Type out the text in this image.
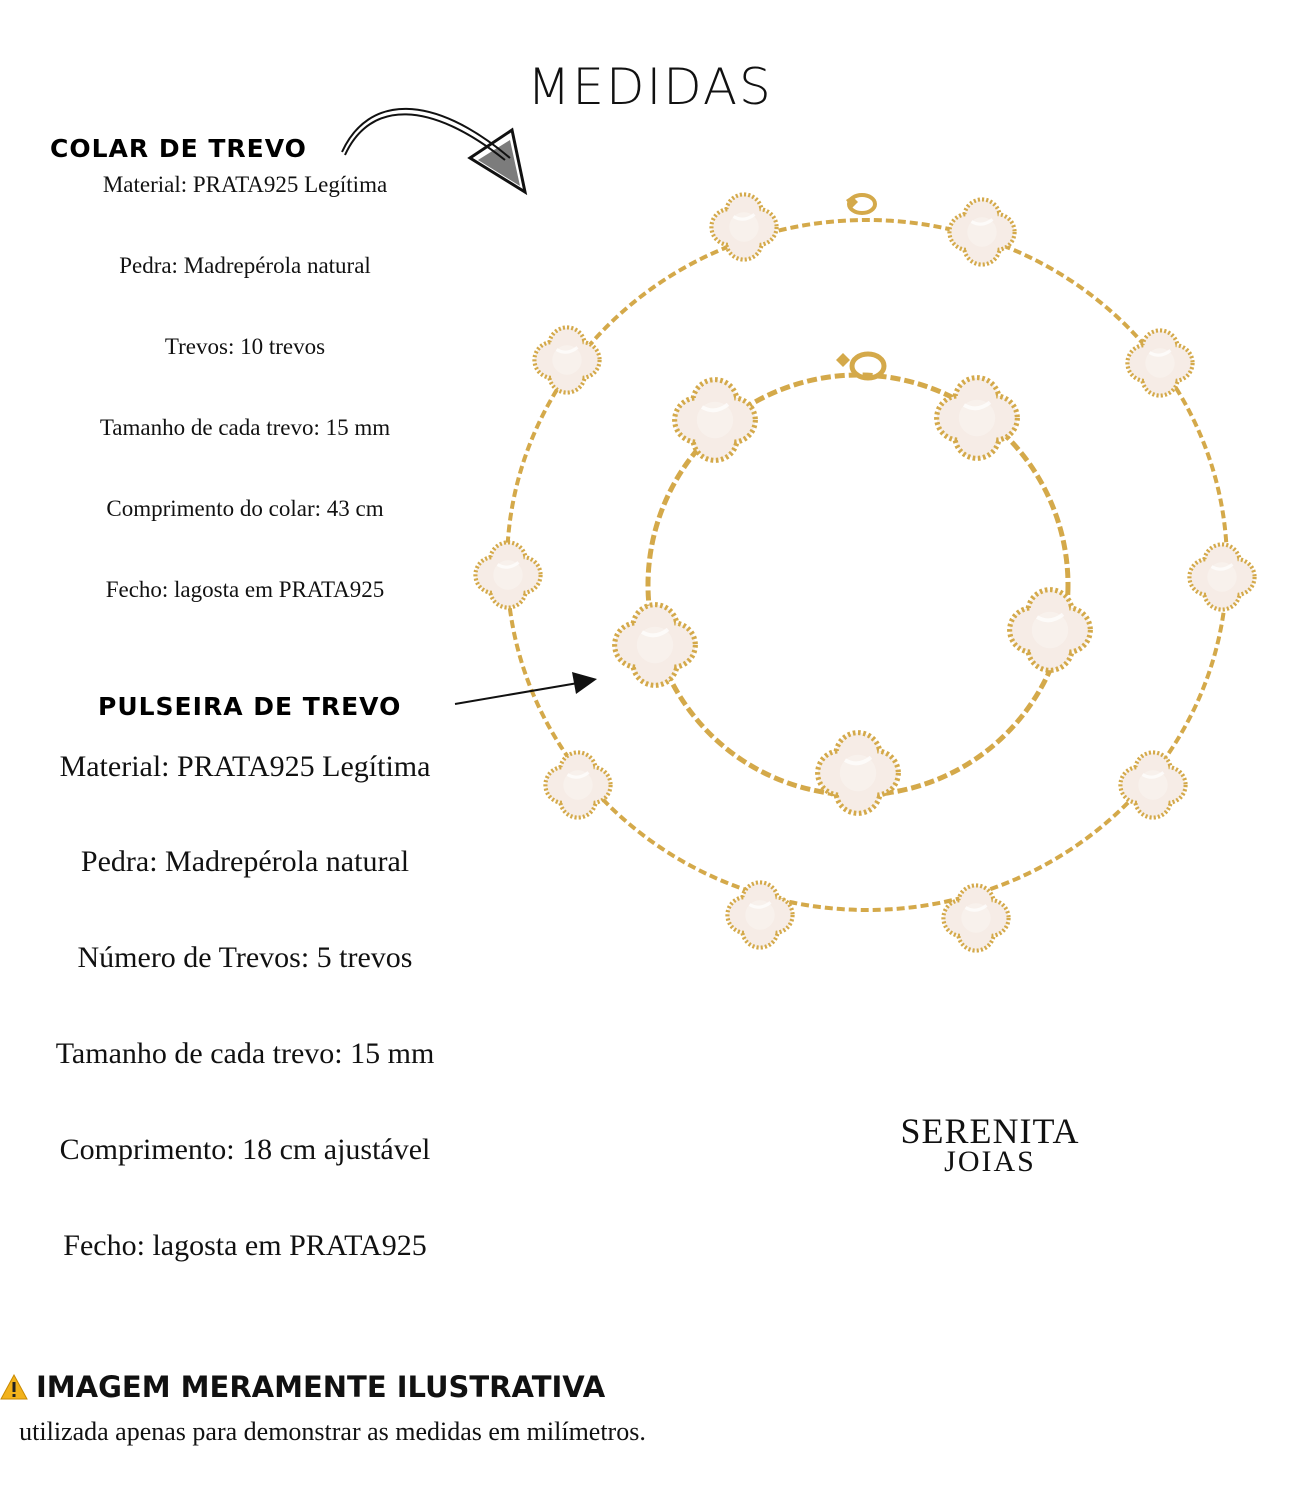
MEDIDAS
COLAR DE TREVO
Material: PRATA925 Legítima
Pedra: Madrepérola natural
Trevos: 10 trevos
Tamanho de cada trevo: 15 mm
Comprimento do colar: 43 cm
Fecho: lagosta em PRATA925
PULSEIRA DE TREVO
Material: PRATA925 Legítima
Pedra: Madrepérola natural
Número de Trevos: 5 trevos
Tamanho de cada trevo: 15 mm
Comprimento: 18 cm ajustável
Fecho: lagosta em PRATA925
SERENITA
JOIAS
IMAGEM MERAMENTE ILUSTRATIVA
utilizada apenas para demonstrar as medidas em milímetros.
